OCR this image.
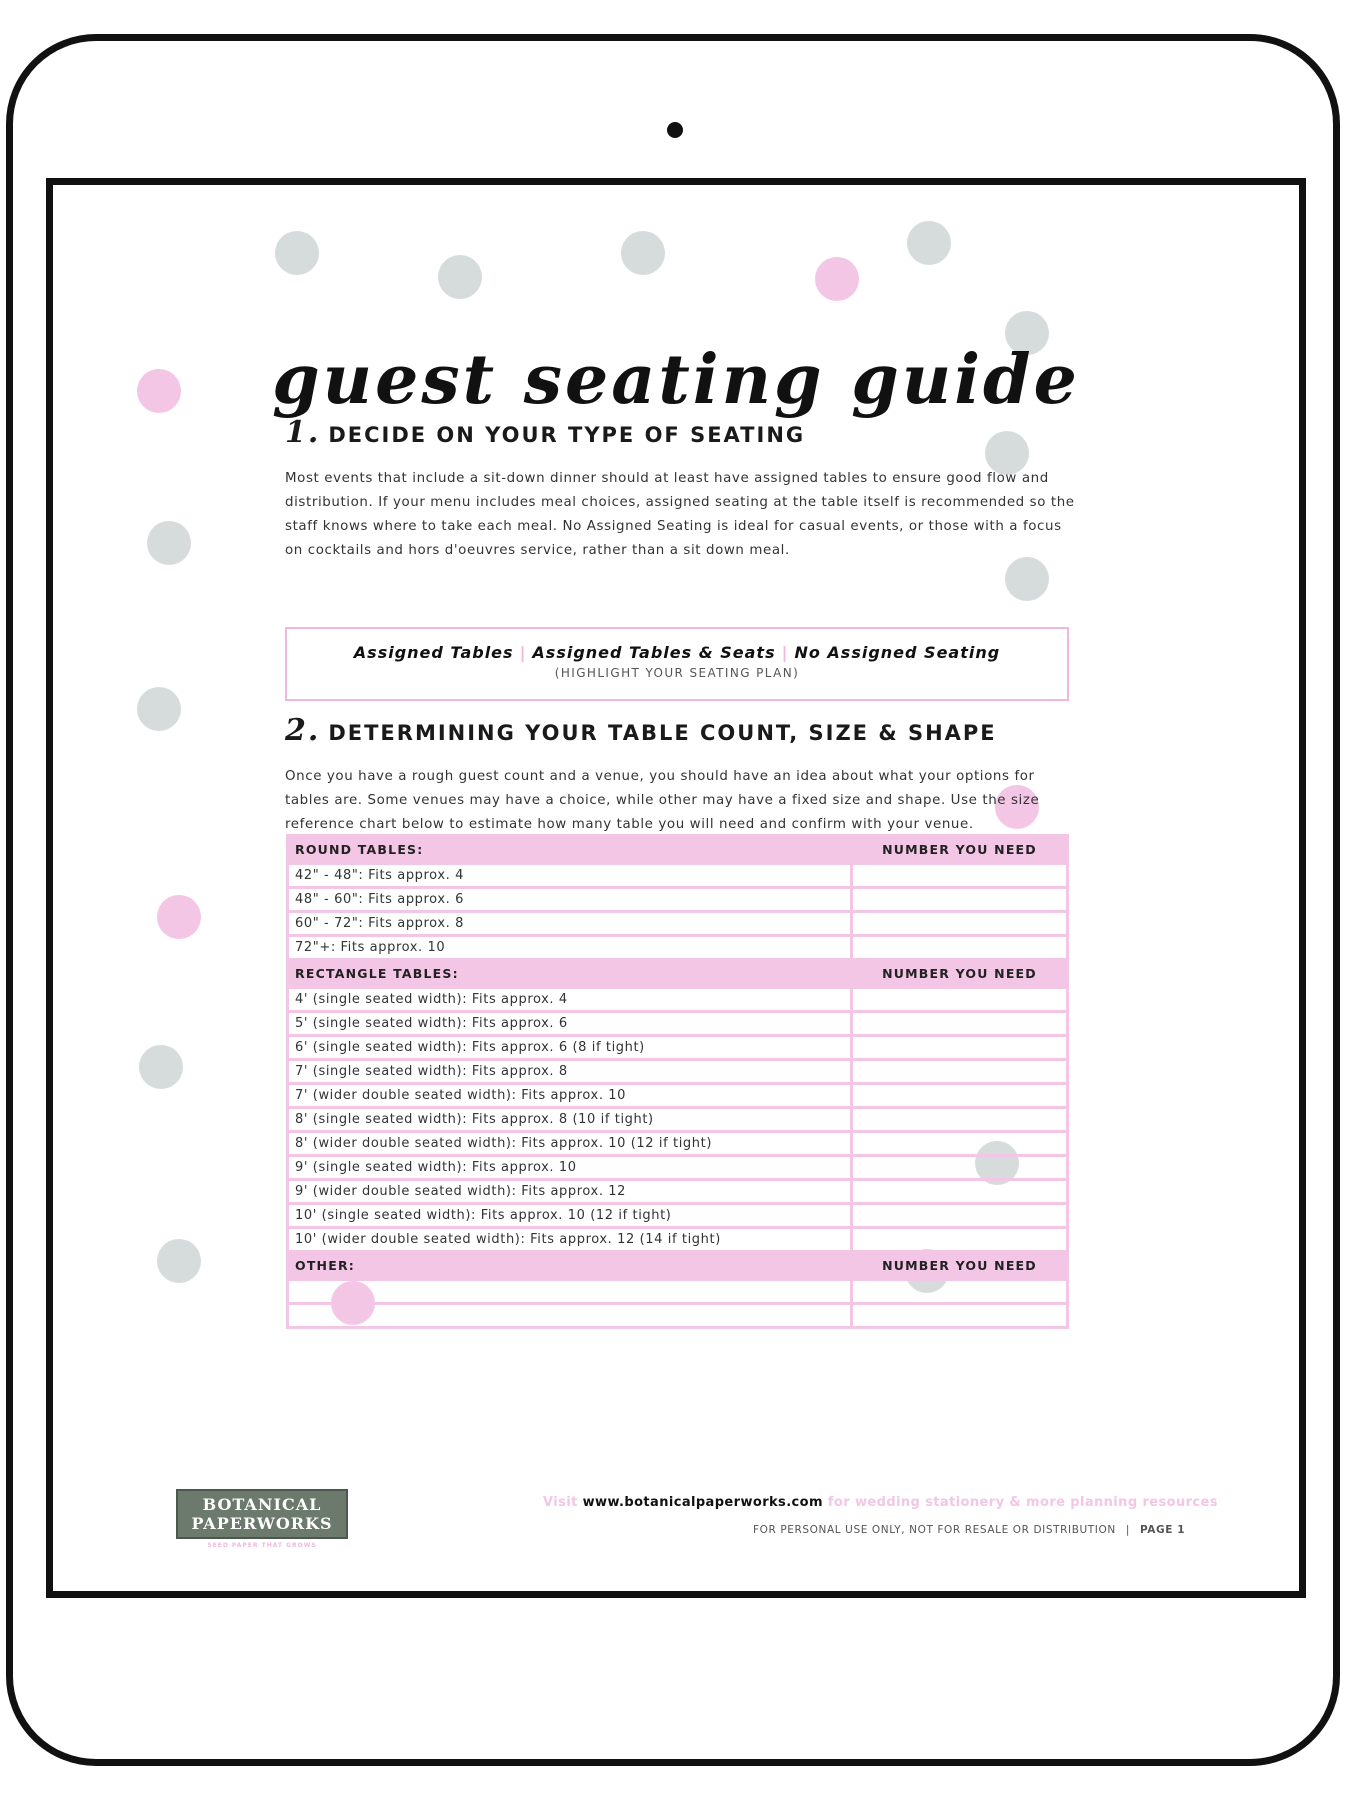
guest seating guide
1. DECIDE ON YOUR TYPE OF SEATING
Most events that include a sit-down dinner should at least have assigned tables to ensure good flow and distribution. If your menu includes meal choices, assigned seating at the table itself is recommended so the staff knows where to take each meal. No Assigned Seating is ideal for casual events, or those with a focus on cocktails and hors d'oeuvres service, rather than a sit down meal.
Assigned Tables | Assigned Tables & Seats | No Assigned Seating
(HIGHLIGHT YOUR SEATING PLAN)
2. DETERMINING YOUR TABLE COUNT, SIZE & SHAPE
Once you have a rough guest count and a venue, you should have an idea about what your options for tables are. Some venues may have a choice, while other may have a fixed size and shape. Use the size reference chart below to estimate how many table you will need and confirm with your venue.
ROUND TABLES:	NUMBER YOU NEED
42" - 48": Fits approx. 4	
48" - 60": Fits approx. 6	
60" - 72": Fits approx. 8	
72"+: Fits approx. 10	
RECTANGLE TABLES:	NUMBER YOU NEED
4' (single seated width): Fits approx. 4	
5' (single seated width): Fits approx. 6	
6' (single seated width): Fits approx. 6 (8 if tight)	
7' (single seated width): Fits approx. 8	
7' (wider double seated width): Fits approx. 10	
8' (single seated width): Fits approx. 8 (10 if tight)	
8' (wider double seated width): Fits approx. 10 (12 if tight)	
9' (single seated width): Fits approx. 10	
9' (wider double seated width): Fits approx. 12	
10' (single seated width): Fits approx. 10 (12 if tight)	
10' (wider double seated width): Fits approx. 12 (14 if tight)	
OTHER:	NUMBER YOU NEED

BOTANICAL
PAPERWORKS
SEED PAPER THAT GROWS
Visit www.botanicalpaperworks.com for wedding stationery & more planning resources
FOR PERSONAL USE ONLY, NOT FOR RESALE OR DISTRIBUTION | PAGE 1
